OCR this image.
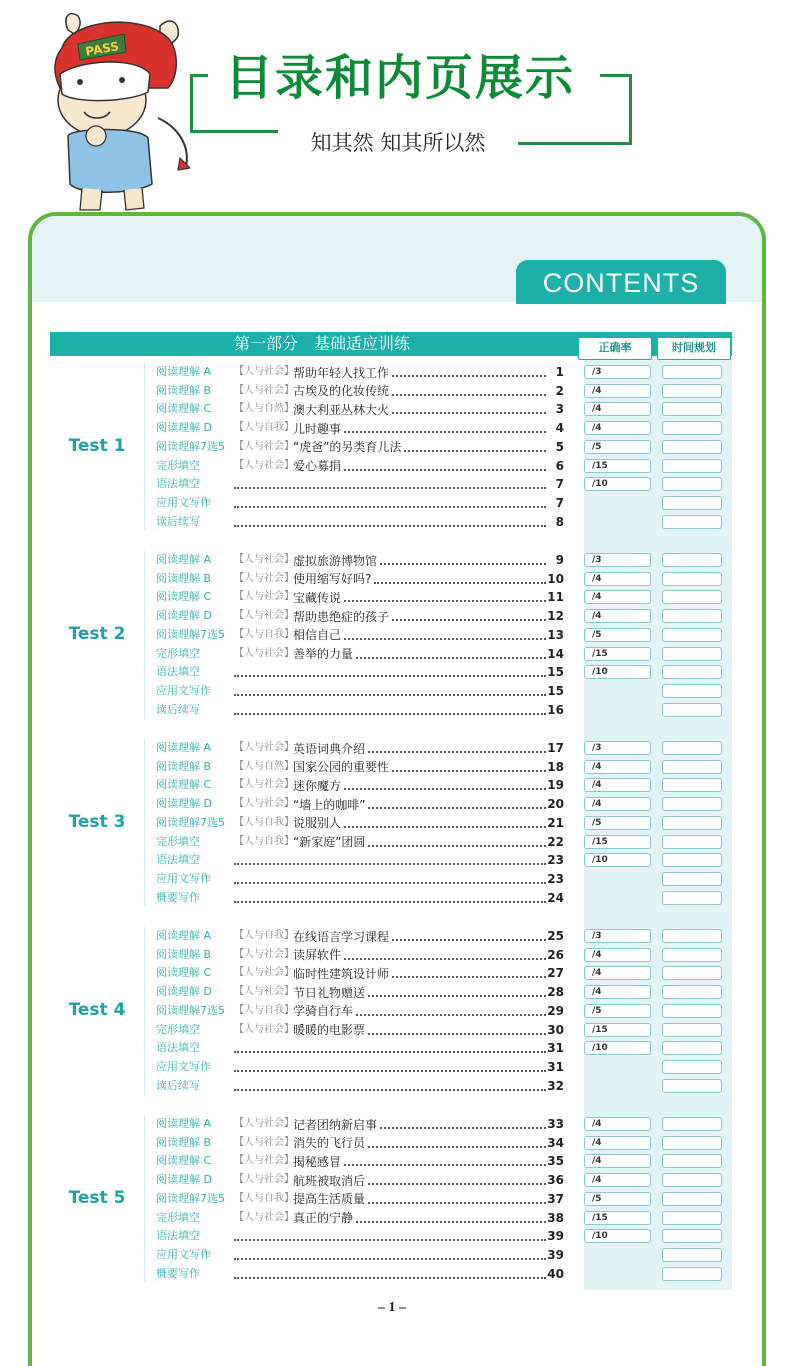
PASS
目录和内页展示
知其然 知其所以然
CONTENTS
第一部分　基础适应训练	正确率	时间规划
Test 1
阅读理解 A 【人与社会】 帮助年轻人找工作	1	/3
阅读理解 B 【人与社会】 古埃及的化妆传统	2	/4
阅读理解 C 【人与自然】 澳大利亚丛林大火	3	/4
阅读理解 D 【人与自我】 儿时趣事	4	/4
阅读理解7选5 【人与社会】 “虎爸”的另类育儿法	5	/5
完形填空	【人与社会】 爱心募捐	6	/15
语法填空	7	/10
应用文写作	7
读后续写	8
Test 2
阅读理解 A 【人与社会】 虚拟旅游博物馆	9	/3
阅读理解 B 【人与社会】 使用缩写好吗?	10	/4
阅读理解 C 【人与社会】 宝藏传说	11	/4
阅读理解 D 【人与社会】 帮助患绝症的孩子	12	/4
阅读理解7选5 【人与自我】 相信自己	13	/5
完形填空	【人与社会】 善举的力量	14	/15
语法填空	15	/10
应用文写作	15
读后续写	16
Test 3
阅读理解 A 【人与社会】 英语词典介绍	17	/3
阅读理解 B 【人与自然】 国家公园的重要性	18	/4
阅读理解 C 【人与社会】 迷你魔方	19	/4
阅读理解 D 【人与社会】 “墙上的咖啡”	20	/4
阅读理解7选5 【人与自我】 说服别人	21	/5
完形填空	【人与自我】 “新家庭”团圆	22	/15
语法填空	23	/10
应用文写作	23
概要写作	24
Test 4
阅读理解 A 【人与自我】 在线语言学习课程	25	/3
阅读理解 B 【人与社会】 读屏软件	26	/4
阅读理解 C 【人与社会】 临时性建筑设计师	27	/4
阅读理解 D 【人与社会】 节日礼物赠送	28	/4
阅读理解7选5 【人与自我】 学骑自行车	29	/5
完形填空	【人与社会】 暖暖的电影票	30	/15
语法填空	31	/10
应用文写作	31
读后续写	32
Test 5
阅读理解 A 【人与社会】 记者团纳新启事	33	/4
阅读理解 B 【人与社会】 消失的飞行员	34	/4
阅读理解 C 【人与社会】 揭秘感冒	35	/4
阅读理解 D 【人与社会】 航班被取消后	36	/4
阅读理解7选5 【人与自我】 提高生活质量	37	/5
完形填空	【人与社会】 真正的宁静	38	/15
语法填空	39	/10
应用文写作	39
概要写作	40
– 1 –
